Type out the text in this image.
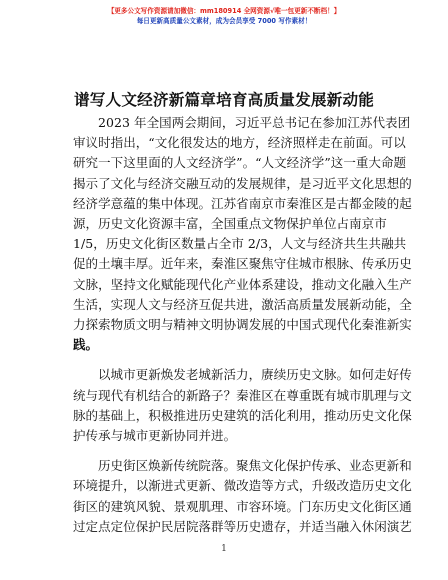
【更多公文写作资源请加微信：mm180914 全网资源√唯一包更新不断档！】
每日更新高质量公文素材，成为会员享受 7000 写作素材！
谱写人文经济新篇章培育高质量发展新动能

2023 年全国两会期间，习近平总书记在参加江苏代表团
审议时指出，“文化很发达的地方，经济照样走在前面。可以
研究一下这里面的人文经济学”。“人文经济学”这一重大命题
揭示了文化与经济交融互动的发展规律，是习近平文化思想的
经济学意蕴的集中体现。江苏省南京市秦淮区是古都金陵的起
源，历史文化资源丰富，全国重点文物保护单位占南京市
1/5，历史文化街区数量占全市 2/3，人文与经济共生共融共
促的土壤丰厚。近年来，秦淮区聚焦守住城市根脉、传承历史
文脉，坚持文化赋能现代化产业体系建设，推动文化融入生产
生活，实现人文与经济互促共进，激活高质量发展新动能，全
力探索物质文明与精神文明协调发展的中国式现代化秦淮新实
践。

以城市更新焕发老城新活力，赓续历史文脉。如何走好传
统与现代有机结合的新路子？秦淮区在尊重既有城市肌理与文
脉的基础上，积极推进历史建筑的活化利用，推动历史文化保
护传承与城市更新协同并进。

历史街区焕新传统院落。聚焦文化保护传承、业态更新和
环境提升，以渐进式更新、微改造等方式，升级改造历史文化
街区的建筑风貌、景观肌理、市容环境。门东历史文化街区通
过定点定位保护民居院落群等历史遗存，并适当融入休闲演艺

1
